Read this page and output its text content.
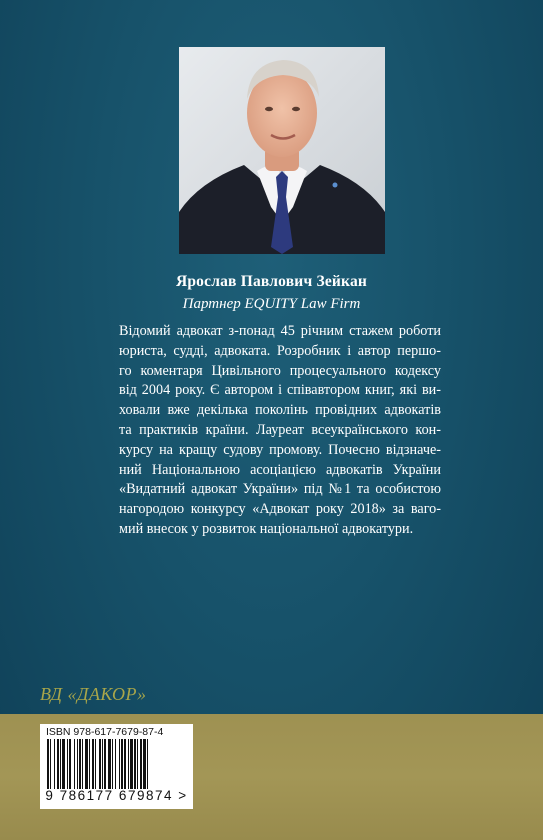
Ярослав Павлович Зейкан
Партнер EQUITY Law Firm
Відомий адвокат з-понад 45 річним стажем роботи
юриста, судді, адвоката. Розробник і автор першо-
го коментаря Цивільного процесуального кодексу
від 2004 року. Є автором і співавтором книг, які ви-
ховали вже декілька поколінь провідних адвокатів
та практиків країни. Лауреат всеукраїнського кон-
курсу на кращу судову промову. Почесно відзначе-
ний Національною асоціацією адвокатів України
«Видатний адвокат України» під №1 та особистою
нагородою конкурсу «Адвокат року 2018» за ваго-
мий внесок у розвиток національної адвокатури.
ВД «ДАКОР»
ISBN 978-617-7679-87-4
9 786177 679874 >
